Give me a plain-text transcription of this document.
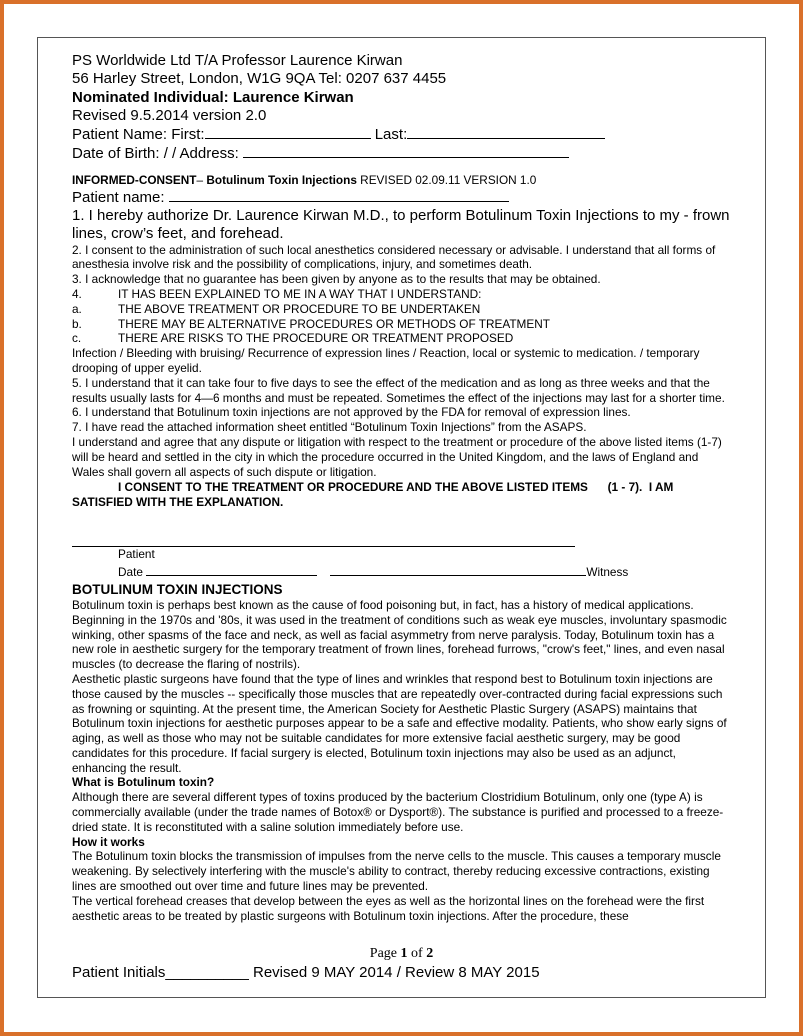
PS Worldwide Ltd T/A Professor Laurence Kirwan
56 Harley Street, London, W1G 9QA Tel: 0207 637 4455
Nominated Individual: Laurence Kirwan
Revised 9.5.2014 version 2.0
Patient Name: First:	Last:
Date of Birth: / / Address:
INFORMED-CONSENT– Botulinum Toxin Injections REVISED 02.09.11 VERSION 1.0
Patient name:
1. I hereby authorize Dr. Laurence Kirwan M.D., to perform Botulinum Toxin Injections to my - frown lines, crow’s feet, and forehead.
2. I consent to the administration of such local anesthetics considered necessary or advisable. I understand that all forms of anesthesia involve risk and the possibility of complications, injury, and sometimes death.
3. I acknowledge that no guarantee has been given by anyone as to the results that may be obtained.
4.	IT HAS BEEN EXPLAINED TO ME IN A WAY THAT I UNDERSTAND:
a.	THE ABOVE TREATMENT OR PROCEDURE TO BE UNDERTAKEN
b.	THERE MAY BE ALTERNATIVE PROCEDURES OR METHODS OF TREATMENT
c.	THERE ARE RISKS TO THE PROCEDURE OR TREATMENT PROPOSED
Infection / Bleeding with bruising/ Recurrence of expression lines / Reaction, local or systemic to medication. / temporary drooping of upper eyelid.
5. I understand that it can take four to five days to see the effect of the medication and as long as three weeks and that the results usually lasts for 4—6 months and must be repeated. Sometimes the effect of the injections may last for a shorter time.
6. I understand that Botulinum toxin injections are not approved by the FDA for removal of expression lines.
7. I have read the attached information sheet entitled “Botulinum Toxin Injections” from the ASAPS.
I understand and agree that any dispute or litigation with respect to the treatment or procedure of the above listed items (1-7) will be heard and settled in the city in which the procedure occurred in the United Kingdom, and the laws of England and Wales shall govern all aspects of such dispute or litigation.
I CONSENT TO THE TREATMENT OR PROCEDURE AND THE ABOVE LISTED ITEMS      (1 - 7).  I AM SATISFIED WITH THE EXPLANATION.
Patient
Date	Witness
BOTULINUM TOXIN INJECTIONS
Botulinum toxin is perhaps best known as the cause of food poisoning but, in fact, has a history of medical applications. Beginning in the 1970s and '80s, it was used in the treatment of conditions such as weak eye muscles, involuntary spasmodic winking, other spasms of the face and neck, as well as facial asymmetry from nerve paralysis. Today, Botulinum toxin has a new role in aesthetic surgery for the temporary treatment of frown lines, forehead furrows, "crow's feet," lines, and even nasal muscles (to decrease the flaring of nostrils).
Aesthetic plastic surgeons have found that the type of lines and wrinkles that respond best to Botulinum toxin injections are those caused by the muscles -- specifically those muscles that are repeatedly over-contracted during facial expressions such as frowning or squinting. At the present time, the American Society for Aesthetic Plastic Surgery (ASAPS) maintains that Botulinum toxin injections for aesthetic purposes appear to be a safe and effective modality. Patients, who show early signs of aging, as well as those who may not be suitable candidates for more extensive facial aesthetic surgery, may be good candidates for this procedure. If facial surgery is elected, Botulinum toxin injections may also be used as an adjunct, enhancing the result.
What is Botulinum toxin?
Although there are several different types of toxins produced by the bacterium Clostridium Botulinum, only one (type A) is commercially available (under the trade names of Botox® or Dysport®). The substance is purified and processed to a freeze-dried state. It is reconstituted with a saline solution immediately before use.
How it works
The Botulinum toxin blocks the transmission of impulses from the nerve cells to the muscle. This causes a temporary muscle weakening. By selectively interfering with the muscle's ability to contract, thereby reducing excessive contractions, existing lines are smoothed out over time and future lines may be prevented.
The vertical forehead creases that develop between the eyes as well as the horizontal lines on the forehead were the first aesthetic areas to be treated by plastic surgeons with Botulinum toxin injections. After the procedure, these
Page 1 of 2
Patient Initials__________ Revised 9 MAY 2014 / Review 8 MAY 2015
